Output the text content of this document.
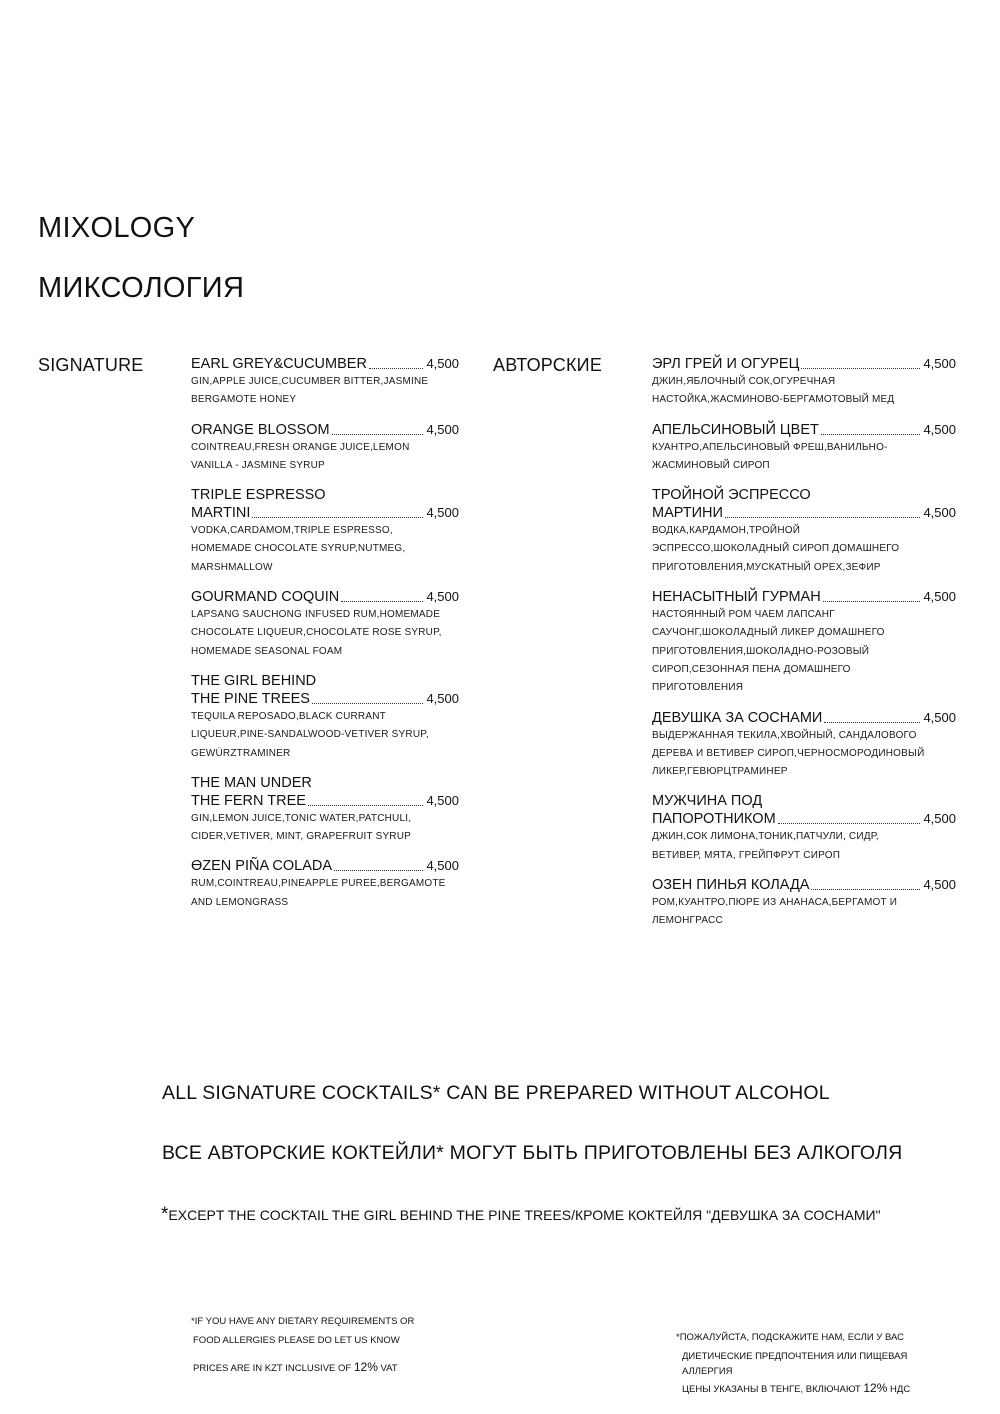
MIXOLOGY
МИКСОЛОГИЯ
SIGNATURE	АВТОРСКИЕ
EARL GREY&CUCUMBER	4,500
GIN,APPLE JUICE,CUCUMBER BITTER,JASMINE
BERGAMOTE HONEY
ORANGE BLOSSOM	4,500
COINTREAU,FRESH ORANGE JUICE,LEMON
VANILLA - JASMINE SYRUP
TRIPLE ESPRESSO
MARTINI	4,500
VODKA,CARDAMOM,TRIPLE ESPRESSO,
HOMEMADE CHOCOLATE SYRUP,NUTMEG,
MARSHMALLOW
GOURMAND COQUIN	4,500
LAPSANG SAUCHONG INFUSED RUM,HOMEMADE
CHOCOLATE LIQUEUR,CHOCOLATE ROSE SYRUP,
HOMEMADE SEASONAL FOAM
THE GIRL BEHIND
THE PINE TREES	4,500
TEQUILA REPOSADO,BLACK CURRANT
LIQUEUR,PINE-SANDALWOOD-VETIVER SYRUP,
GEWÜRZTRAMINER
THE MAN UNDER
THE FERN TREE	4,500
GIN,LEMON JUICE,TONIC WATER,PATCHULI,
CIDER,VETIVER, MINT, GRAPEFRUIT SYRUP
ӨZEN PIÑA COLADA	4,500
RUM,COINTREAU,PINEAPPLE PUREE,BERGAMOTE
AND LEMONGRASS
ЭРЛ ГРЕЙ И ОГУРЕЦ	4,500
ДЖИН,ЯБЛОЧНЫЙ СОК,ОГУРЕЧНАЯ
НАСТОЙКА,ЖАСМИНОВО-БЕРГАМОТОВЫЙ МЕД
АПЕЛЬСИНОВЫЙ ЦВЕТ	4,500
КУАНТРО,АПЕЛЬСИНОВЫЙ ФРЕШ,ВАНИЛЬНО-
ЖАСМИНОВЫЙ СИРОП
ТРОЙНОЙ ЭСПРЕССО
МАРТИНИ	4,500
ВОДКА,КАРДАМОН,ТРОЙНОЙ
ЭСПРЕССО,ШОКОЛАДНЫЙ СИРОП ДОМАШНЕГО
ПРИГОТОВЛЕНИЯ,МУСКАТНЫЙ ОРЕХ,ЗЕФИР
НЕНАСЫТНЫЙ ГУРМАН	4,500
НАСТОЯННЫЙ РОМ ЧАЕМ ЛАПСАНГ
САУЧОНГ,ШОКОЛАДНЫЙ ЛИКЕР ДОМАШНЕГО
ПРИГОТОВЛЕНИЯ,ШОКОЛАДНО-РОЗОВЫЙ
СИРОП,СЕЗОННАЯ ПЕНА ДОМАШНЕГО
ПРИГОТОВЛЕНИЯ
ДЕВУШКА ЗА СОСНАМИ	4,500
ВЫДЕРЖАННАЯ ТЕКИЛА,ХВОЙНЫЙ, САНДАЛОВОГО
ДЕРЕВА И ВЕТИВЕР СИРОП,ЧЕРНОСМОРОДИНОВЫЙ
ЛИКЕР,ГЕВЮРЦТРАМИНЕР
МУЖЧИНА ПОД
ПАПОРОТНИКОМ	4,500
ДЖИН,СОК ЛИМОНА,ТОНИК,ПАТЧУЛИ, СИДР,
ВЕТИВЕР, МЯТА, ГРЕЙПФРУТ СИРОП
ОЗЕН ПИНЬЯ КОЛАДА	4,500
РОМ,КУАНТРО,ПЮРЕ ИЗ АНАНАСА,БЕРГАМОТ И
ЛЕМОНГРАСС
ALL SIGNATURE COCKTAILS* CAN BE PREPARED WITHOUT ALCOHOL
ВСЕ АВТОРСКИЕ КОКТЕЙЛИ* МОГУТ БЫТЬ ПРИГОТОВЛЕНЫ БЕЗ АЛКОГОЛЯ
*EXCEPT THE COCKTAIL THE GIRL BEHIND THE PINE TREES/КРОМЕ КОКТЕЙЛЯ "ДЕВУШКА ЗА СОСНАМИ"
*IF YOU HAVE ANY DIETARY REQUIREMENTS OR
FOOD ALLERGIES PLEASE DO LET US KNOW
PRICES ARE IN KZT INCLUSIVE OF 12% VAT
*ПОЖАЛУЙСТА, ПОДСКАЖИТЕ НАМ, ЕСЛИ У ВАС
ДИЕТИЧЕСКИЕ ПРЕДПОЧТЕНИЯ ИЛИ ПИЩЕВАЯ
АЛЛЕРГИЯ
ЦЕНЫ УКАЗАНЫ В ТЕНГЕ, ВКЛЮЧАЮТ 12% НДС
